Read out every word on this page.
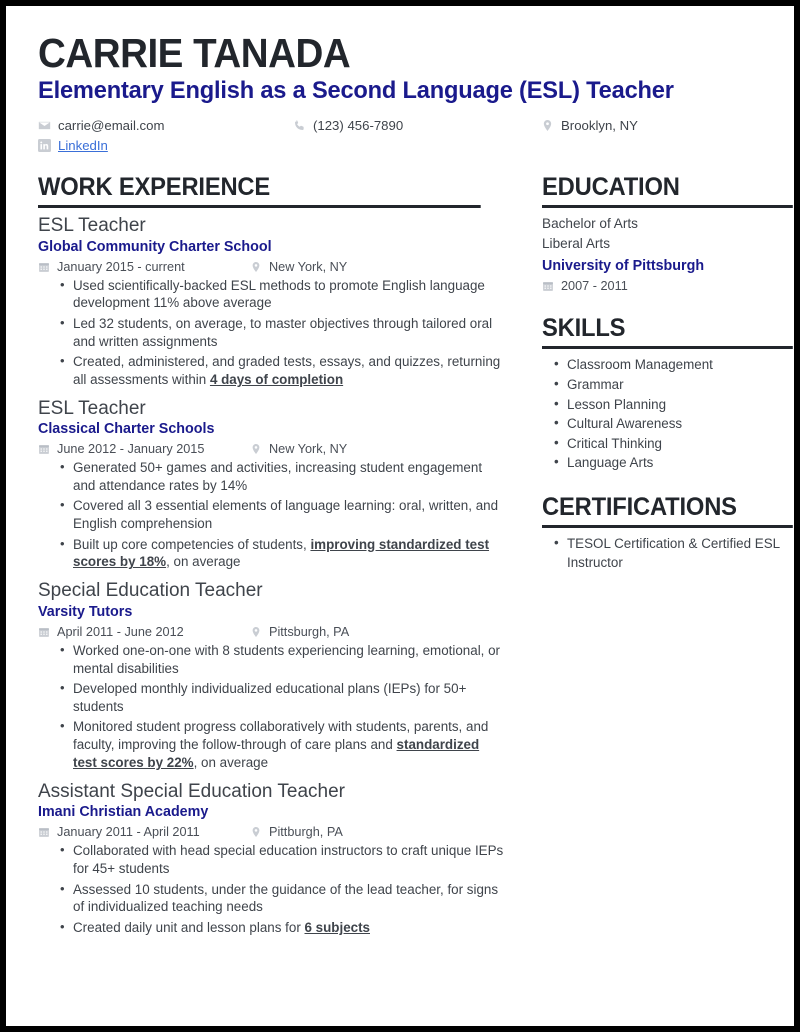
CARRIE TANADA
Elementary English as a Second Language (ESL) Teacher
carrie@email.com	(123) 456-7890	Brooklyn, NY
LinkedIn
WORK EXPERIENCE
ESL Teacher
Global Community Charter School
January 2015 - current	New York, NY
• Used scientifically-backed ESL methods to promote English language development 11% above average
• Led 32 students, on average, to master objectives through tailored oral and written assignments
• Created, administered, and graded tests, essays, and quizzes, returning all assessments within 4 days of completion
ESL Teacher
Classical Charter Schools
June 2012 - January 2015	New York, NY
• Generated 50+ games and activities, increasing student engagement and attendance rates by 14%
• Covered all 3 essential elements of language learning: oral, written, and English comprehension
• Built up core competencies of students, improving standardized test scores by 18%, on average
Special Education Teacher
Varsity Tutors
April 2011 - June 2012	Pittsburgh, PA
• Worked one-on-one with 8 students experiencing learning, emotional, or mental disabilities
• Developed monthly individualized educational plans (IEPs) for 50+ students
• Monitored student progress collaboratively with students, parents, and faculty, improving the follow-through of care plans and standardized test scores by 22%, on average
Assistant Special Education Teacher
Imani Christian Academy
January 2011 - April 2011	Pittburgh, PA
• Collaborated with head special education instructors to craft unique IEPs for 45+ students
• Assessed 10 students, under the guidance of the lead teacher, for signs of individualized teaching needs
• Created daily unit and lesson plans for 6 subjects
EDUCATION
Bachelor of Arts
Liberal Arts
University of Pittsburgh
2007 - 2011
SKILLS
• Classroom Management
• Grammar
• Lesson Planning
• Cultural Awareness
• Critical Thinking
• Language Arts
CERTIFICATIONS
• TESOL Certification & Certified ESL Instructor
